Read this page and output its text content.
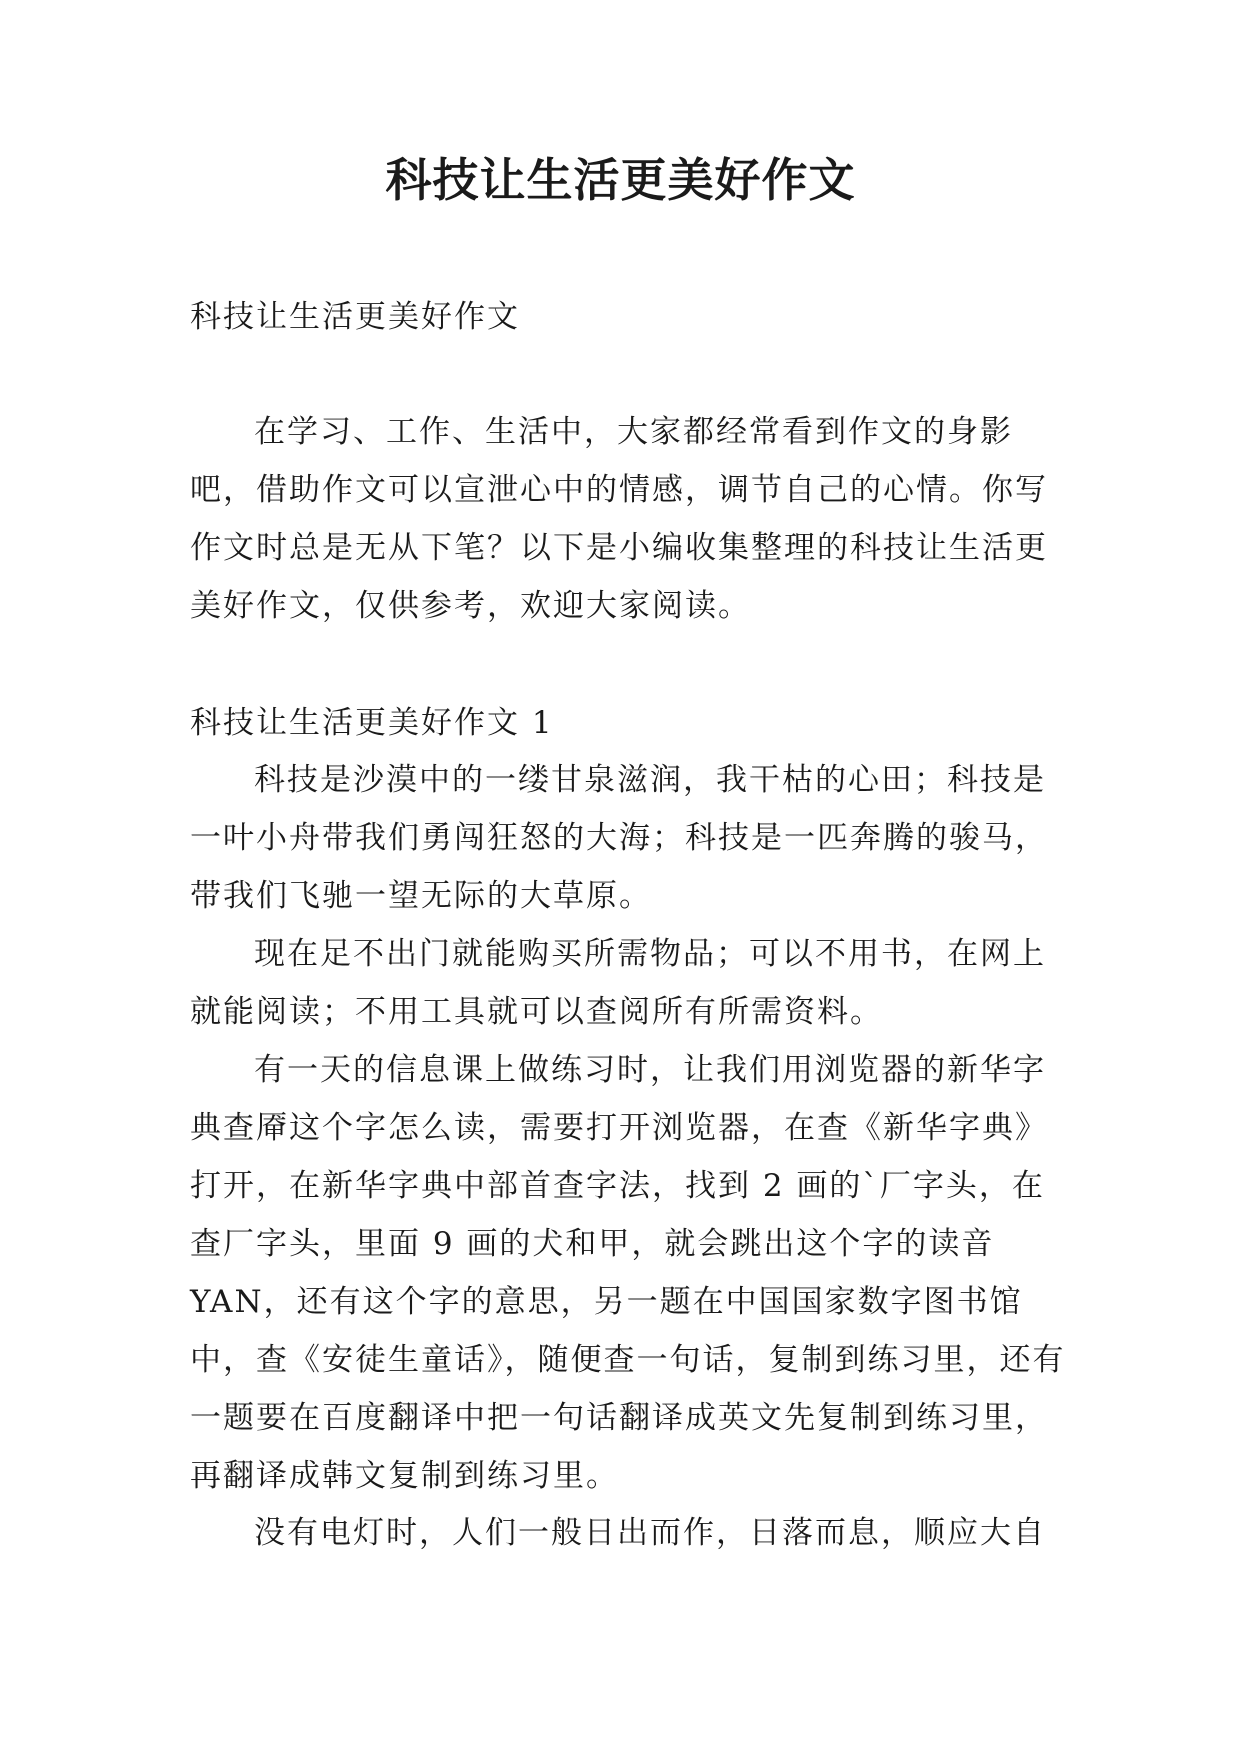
科技让生活更美好作文

科技让生活更美好作文

在学习、工作、生活中，大家都经常看到作文的身影吧，借助作文可以宣泄心中的情感，调节自己的心情。你写作文时总是无从下笔？以下是小编收集整理的科技让生活更美好作文，仅供参考，欢迎大家阅读。

科技让生活更美好作文 1

科技是沙漠中的一缕甘泉滋润，我干枯的心田；科技是一叶小舟带我们勇闯狂怒的大海；科技是一匹奔腾的骏马，带我们飞驰一望无际的大草原。

现在足不出门就能购买所需物品；可以不用书，在网上就能阅读；不用工具就可以查阅所有所需资料。

有一天的信息课上做练习时，让我们用浏览器的新华字典查厣这个字怎么读，需要打开浏览器，在查《新华字典》打开，在新华字典中部首查字法，找到 2 画的`厂字头，在查厂字头，里面 9 画的犬和甲，就会跳出这个字的读音 YAN，还有这个字的意思，另一题在中国国家数字图书馆中，查《安徒生童话》，随便查一句话，复制到练习里，还有一题要在百度翻译中把一句话翻译成英文先复制到练习里，再翻译成韩文复制到练习里。

没有电灯时，人们一般日出而作，日落而息，顺应大自
